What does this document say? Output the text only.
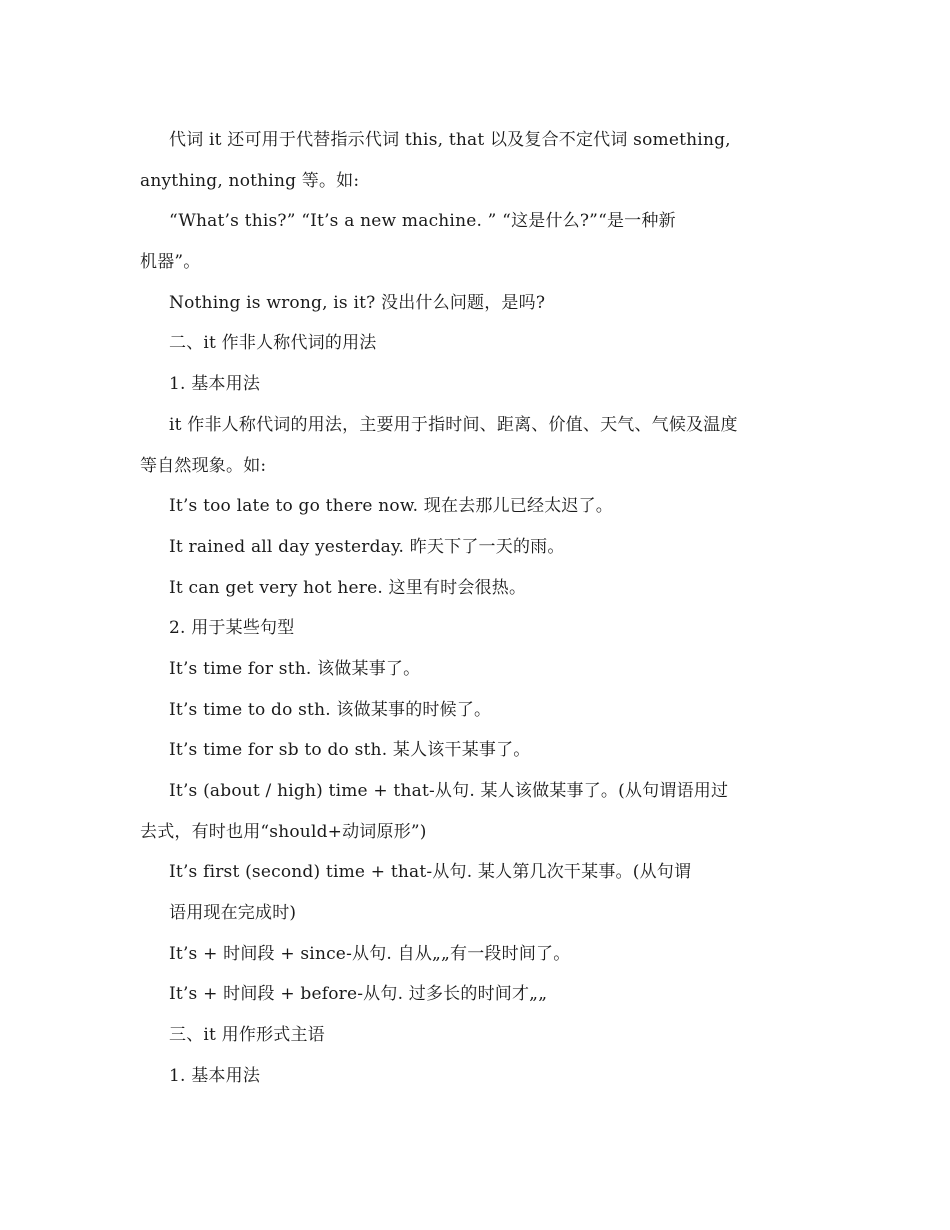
代词 it 还可用于代替指示代词 this, that 以及复合不定代词 something,
anything, nothing 等。如:
“What’s this?” “It’s a new machine. ” “这是什么?”“是一种新
机器”。
Nothing is wrong, is it? 没出什么问题，是吗?
二、it 作非人称代词的用法
1. 基本用法
it 作非人称代词的用法，主要用于指时间、距离、价值、天气、气候及温度
等自然现象。如:
It’s too late to go there now. 现在去那儿已经太迟了。
It rained all day yesterday. 昨天下了一天的雨。
It can get very hot here. 这里有时会很热。
2. 用于某些句型
It’s time for sth. 该做某事了。
It’s time to do sth. 该做某事的时候了。
It’s time for sb to do sth. 某人该干某事了。
It’s (about / high) time + that-从句. 某人该做某事了。(从句谓语用过
去式，有时也用“should+动词原形”)
It’s first (second) time + that-从句. 某人第几次干某事。(从句谓
语用现在完成时)
It’s + 时间段 + since-从句. 自从„„有一段时间了。
It’s + 时间段 + before-从句. 过多长的时间才„„
三、it 用作形式主语
1. 基本用法
